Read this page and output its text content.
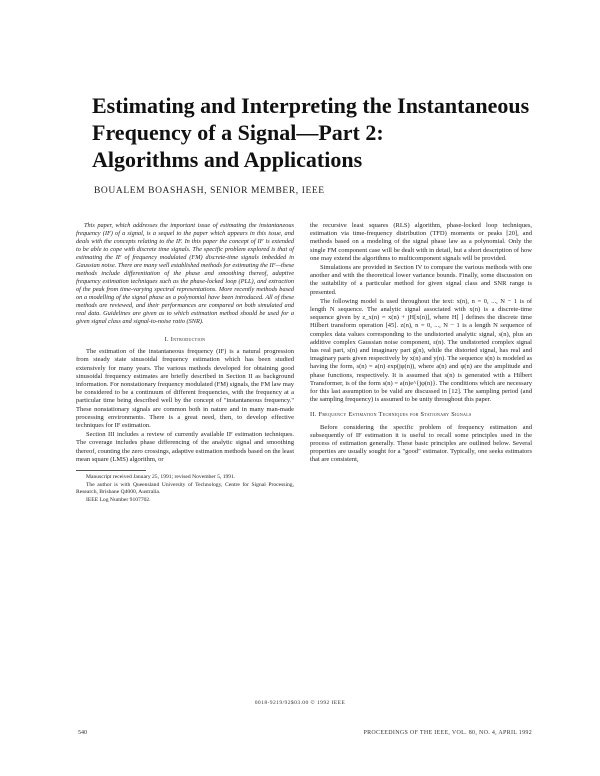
Estimating and Interpreting the Instantaneous
Frequency of a Signal—Part 2:
Algorithms and Applications
BOUALEM BOASHASH, SENIOR MEMBER, IEEE

This paper, which addresses the important issue of estimating the instantaneous frequency (IF) of a signal, is a sequel to the paper which appears in this issue, and deals with the concepts relating to the IF. In this paper the concept of IF is extended to be able to cope with discrete time signals. The specific problem explored is that of estimating the IF of frequency modulated (FM) discrete-time signals imbedded in Gaussian noise. There are many well established methods for estimating the IF—these methods include differentiation of the phase and smoothing thereof, adaptive frequency estimation techniques such as the phase-locked loop (PLL), and extraction of the peak from time-varying spectral representations. More recently methods based on a modelling of the signal phase as a polynomial have been introduced. All of these methods are reviewed, and their performances are compared on both simulated and real data. Guidelines are given as to which estimation method should be used for a given signal class and signal-to-noise ratio (SNR).

I. Introduction

The estimation of the instantaneous frequency (IF) is a natural progression from steady state sinusoidal frequency estimation which has been studied extensively for many years. The various methods developed for obtaining good sinusoidal frequency estimates are briefly described in Section II as background information. For nonstationary frequency modulated (FM) signals, the FM law may be considered to be a continuum of different frequencies, with the frequency at a particular time being described well by the concept of "instantaneous frequency." These nonstationary signals are common both in nature and in many man-made processing environments. There is a great need, then, to develop effective techniques for IF estimation.

Section III includes a review of currently available IF estimation techniques. The coverage includes phase differencing of the analytic signal and smoothing thereof, counting the zero crossings, adaptive estimation methods based on the least mean square (LMS) algorithm, or

Manuscript received January 25, 1991; revised November 5, 1991.

The author is with Queensland University of Technology, Centre for Signal Processing, Research, Brisbane Q4000, Australia.

IEEE Log Number 9107702.

the recursive least squares (RLS) algorithm, phase-locked loop techniques, estimation via time-frequency distribution (TFD) moments or peaks [20], and methods based on a modeling of the signal phase law as a polynomial. Only the single FM component case will be dealt with in detail, but a short description of how one may extend the algorithms to multicomponent signals will be provided.

Simulations are provided in Section IV to compare the various methods with one another and with the theoretical lower variance bounds. Finally, some discussion on the suitability of a particular method for given signal class and SNR range is presented.

The following model is used throughout the text: x(n), n = 0, ..., N − 1 is of length N sequence. The analytic signal associated with x(n) is a discrete-time sequence given by z_x(n) = x(n) + jH[x(n)], where H[ ] defines the discrete time Hilbert transform operation [45]. z(n), n = 0, ..., N − 1 is a length N sequence of complex data values corresponding to the undistorted analytic signal, s(n), plus an additive complex Gaussian noise component, ε(n). The undistorted complex signal has real part, s(n) and imaginary part g(n), while the distorted signal, has real and imaginary parts given respectively by x(n) and y(n). The sequence s(n) is modeled as having the form, s(n) = a(n) exp(jφ(n)), where a(n) and φ(n) are the amplitude and phase functions, respectively. It is assumed that s(n) is generated with a Hilbert Transformer, is of the form s(n) = a(n)e^{jφ(n)}. The conditions which are necessary for this last assumption to be valid are discussed in [12]. The sampling period (and the sampling frequency) is assumed to be unity throughout this paper.

II. Frequency Estimation Techniques for Stationary Signals

Before considering the specific problem of frequency estimation and subsequently of IF estimation it is useful to recall some principles used in the process of estimation generally. These basic principles are outlined below. Several properties are usually sought for a "good" estimator. Typically, one seeks estimators that are consistent,

0018-9219/92$03.00 © 1992 IEEE
540	PROCEEDINGS OF THE IEEE, VOL. 80, NO. 4, APRIL 1992
